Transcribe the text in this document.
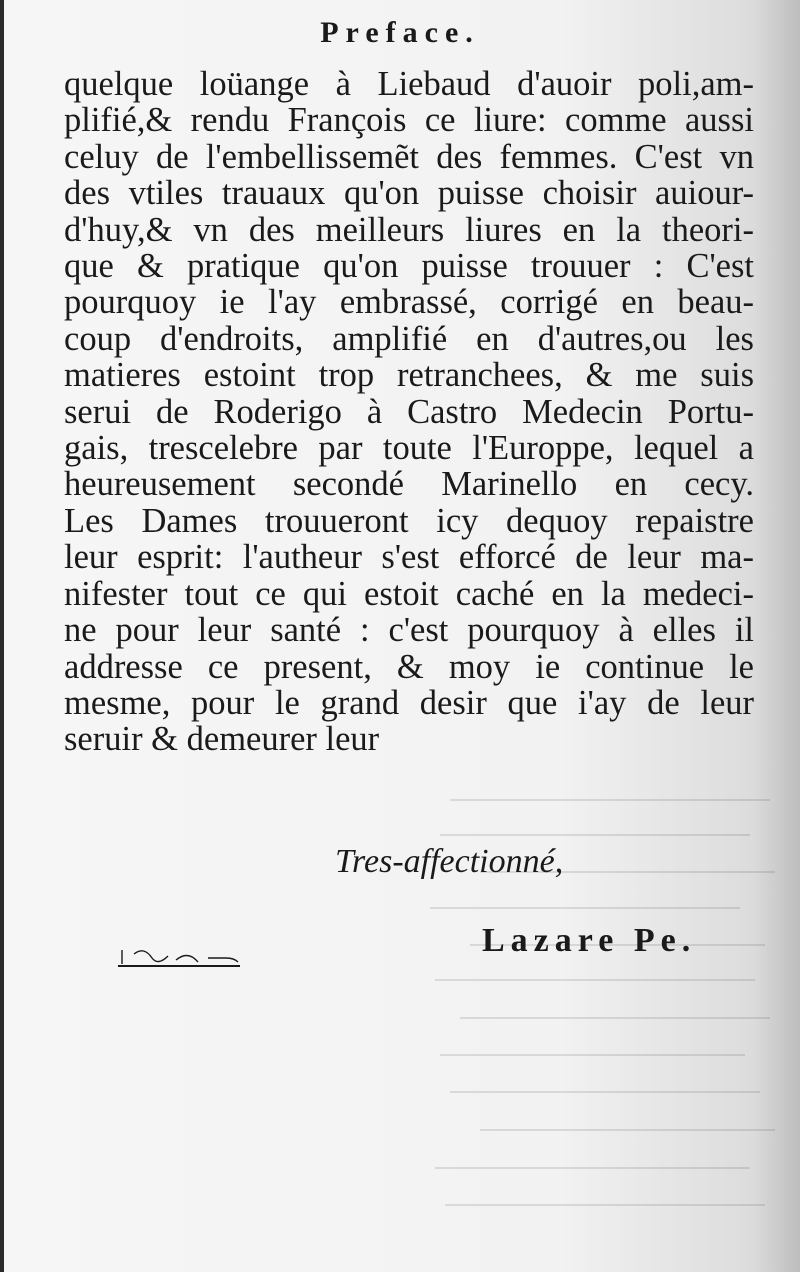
Preface.
quelque loüange à Liebaud d'auoir poli,am-
plifié,& rendu François ce liure: comme aussi
celuy de l'embellissemẽt des femmes. C'est vn
des vtiles trauaux qu'on puisse choisir auiour-
d'huy,& vn des meilleurs liures en la theori-
que & pratique qu'on puisse trouuer : C'est
pourquoy ie l'ay embrassé, corrigé en beau-
coup d'endroits, amplifié en d'autres,ou les
matieres estoint trop retranchees, & me suis
serui de Roderigo à Castro Medecin Portu-
gais, trescelebre par toute l'Europpe, lequel a
heureusement secondé Marinello en cecy.
Les Dames trouueront icy dequoy repaistre
leur esprit: l'autheur s'est efforcé de leur ma-
nifester tout ce qui estoit caché en la medeci-
ne pour leur santé : c'est pourquoy à elles il
addresse ce present, & moy ie continue le
mesme, pour le grand desir que i'ay de leur
seruir & demeurer leur
Tres-affectionné,
Lazare Pe.
